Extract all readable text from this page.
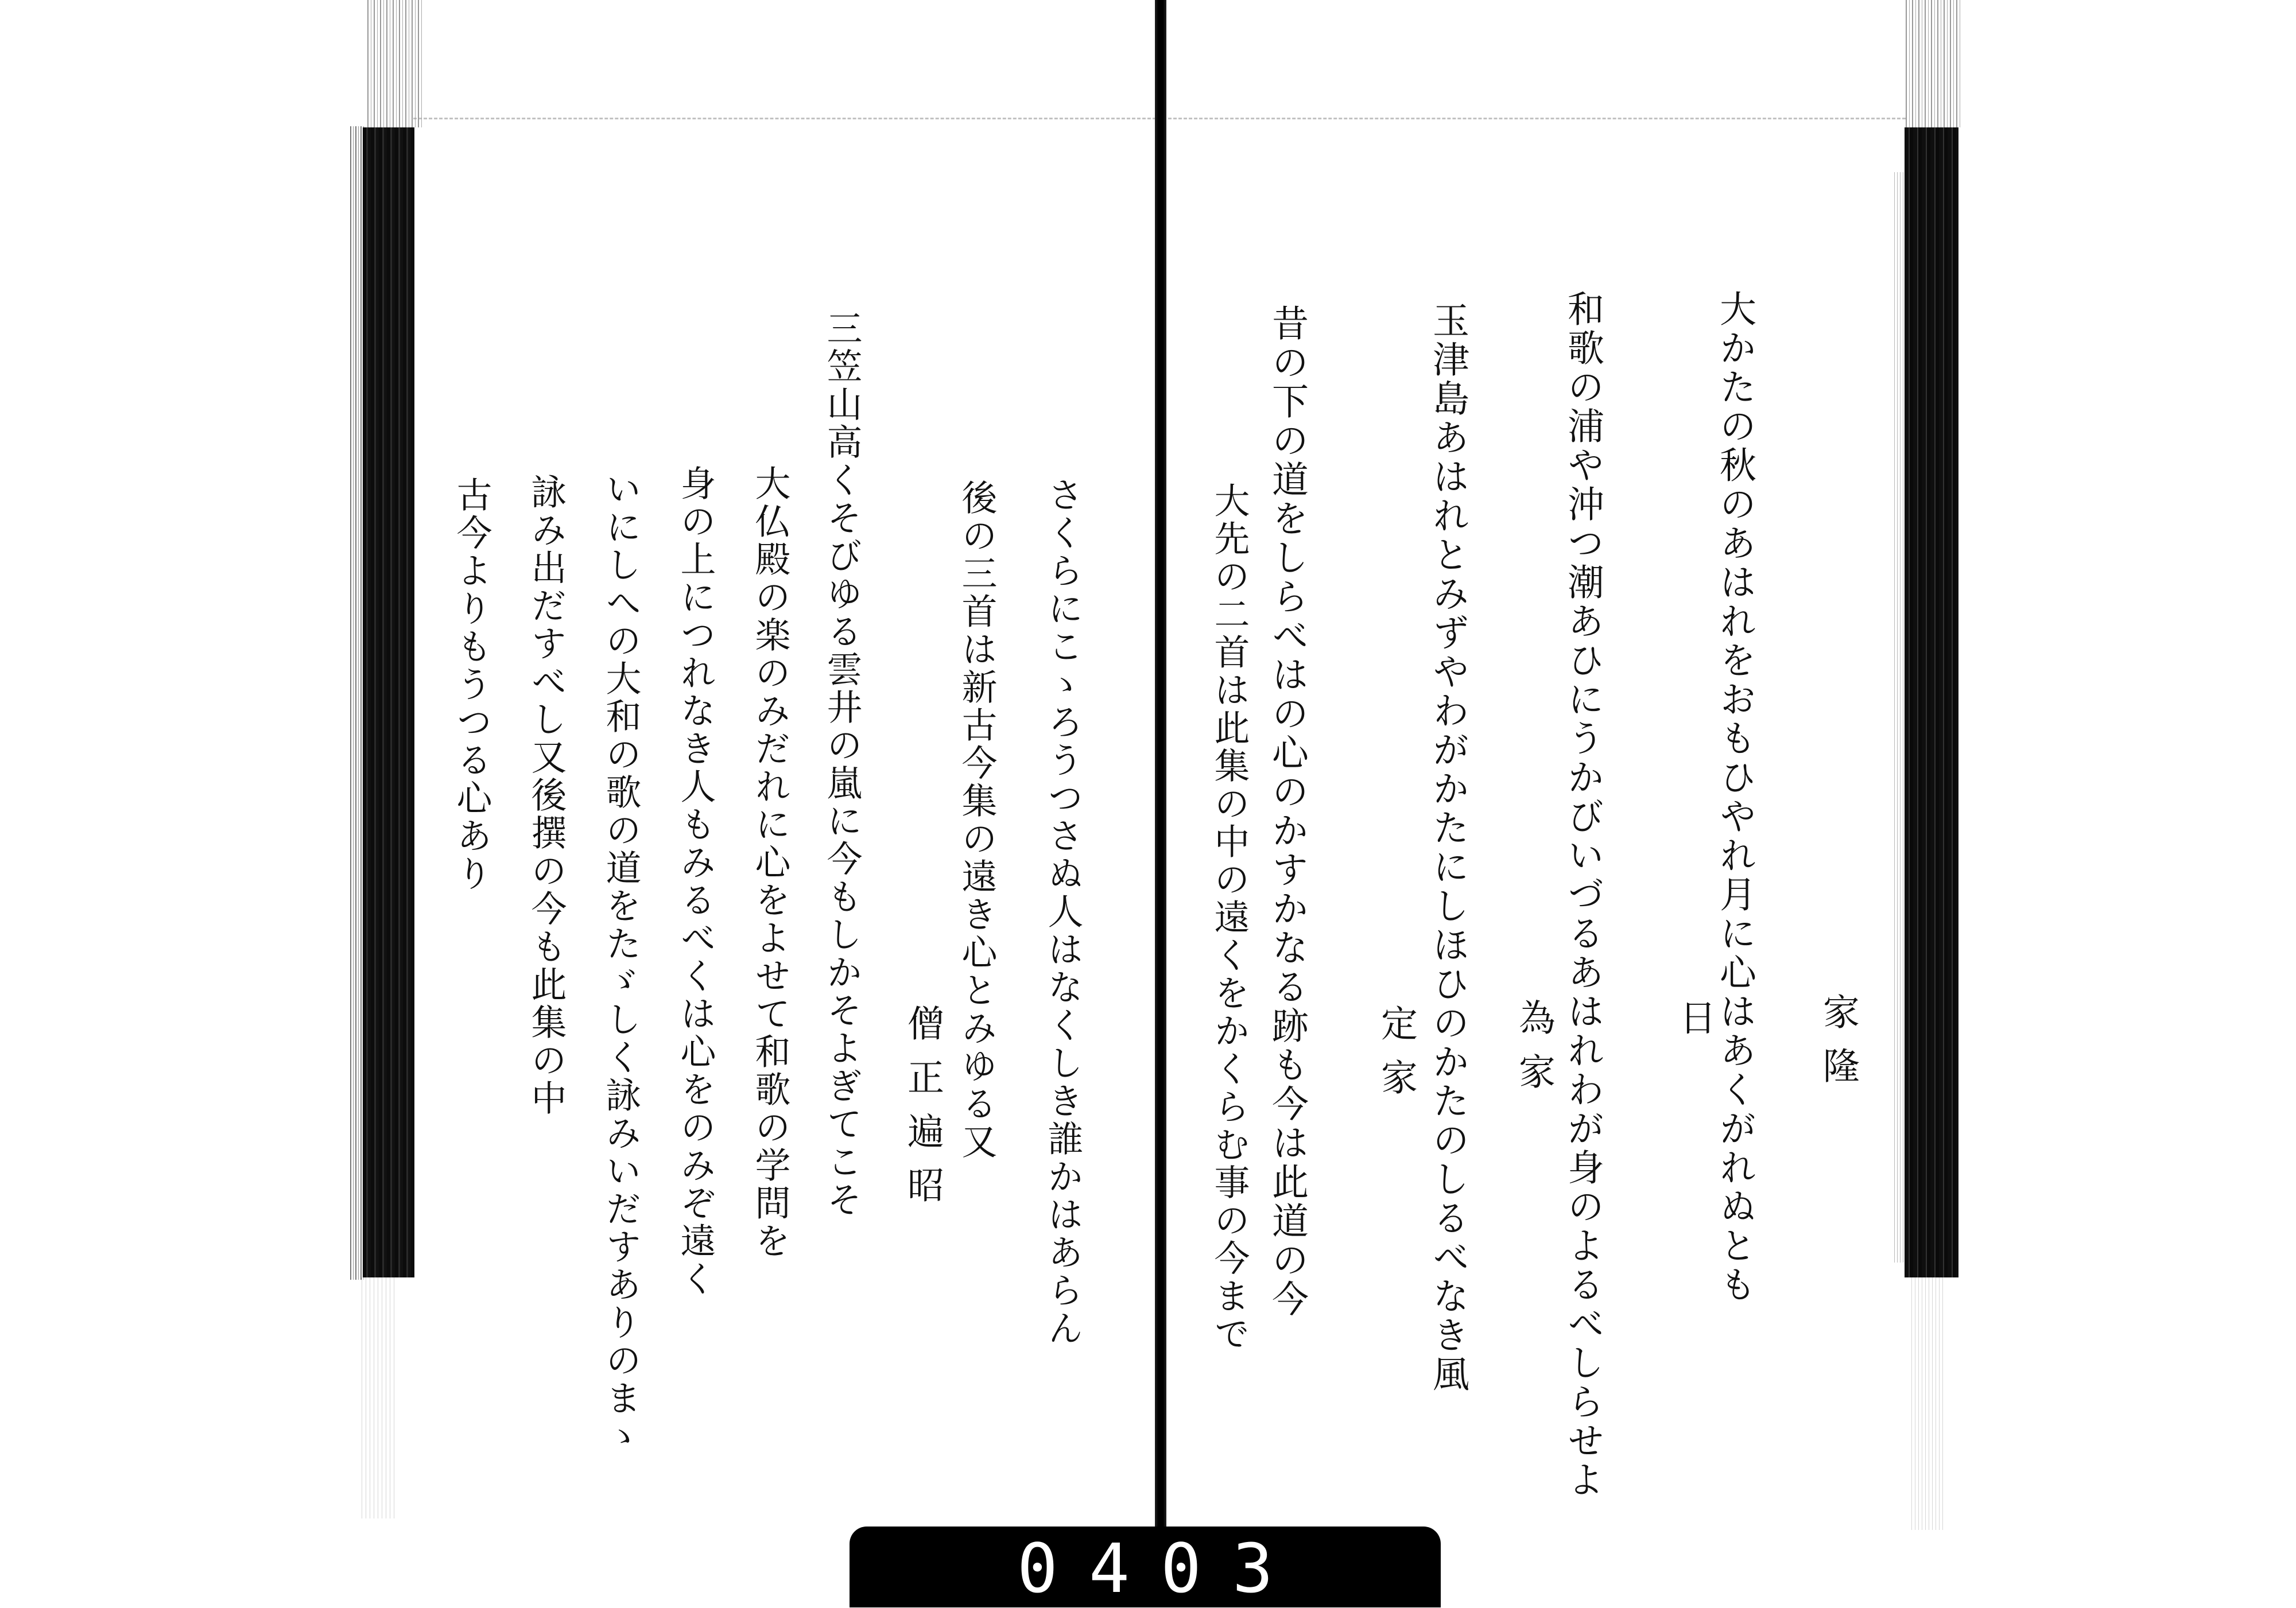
大かたの秋のあはれをおもひやれ月に心はあくがれぬとも 家隆
日
和歌の浦や沖つ潮あひにうかびいづるあはれわが身のよるべしらせよ
為家
玉津島あはれとみずやわがかたにしほひのかたのしるべなき風
定家
昔の下の道をしらべはの心のかすかなる跡も今は此道の今
大先の二首は此集の中の遠くをかくらむ事の今まで
さくらにこゝろうつさぬ人はなくしき誰かはあらん
後の三首は新古今集の遠き心とみゆる又
僧正遍昭
三笠山高くそびゆる雲井の嵐に今もしかそよぎてこそ
大仏殿の楽のみだれに心をよせて和歌の学問を
身の上につれなき人もみるべくは心をのみぞ遠く
いにしへの大和の歌の道をたゞしく詠みいだすありのまゝ
詠み出だすべし又後撰の今も此集の中
古今よりもうつる心あり
0403
